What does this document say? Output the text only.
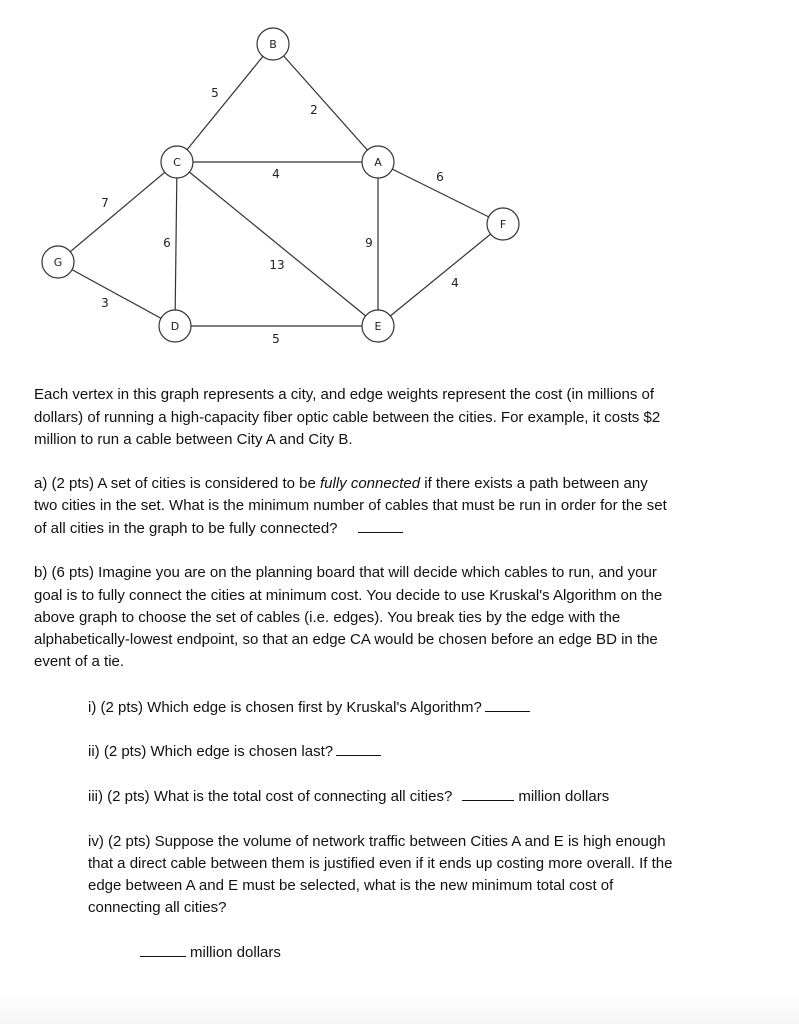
5
2
4	6
7
6	9
13
4
3
5
A
B
C
D	E
F
G
Each vertex in this graph represents a city, and edge weights represent the cost (in millions of
dollars) of running a high-capacity fiber optic cable between the cities. For example, it costs $2
million to run a cable between City A and City B.
a) (2 pts) A set of cities is considered to be fully connected if there exists a path between any
two cities in the set. What is the minimum number of cables that must be run in order for the set
of all cities in the graph to be fully connected?
b) (6 pts) Imagine you are on the planning board that will decide which cables to run, and your
goal is to fully connect the cities at minimum cost. You decide to use Kruskal's Algorithm on the
above graph to choose the set of cables (i.e. edges). You break ties by the edge with the
alphabetically-lowest endpoint, so that an edge CA would be chosen before an edge BD in the
event of a tie.
i) (2 pts) Which edge is chosen first by Kruskal's Algorithm?
ii) (2 pts) Which edge is chosen last?
iii) (2 pts) What is the total cost of connecting all cities?	million dollars
iv) (2 pts) Suppose the volume of network traffic between Cities A and E is high enough
that a direct cable between them is justified even if it ends up costing more overall. If the
edge between A and E must be selected, what is the new minimum total cost of
connecting all cities?
million dollars
